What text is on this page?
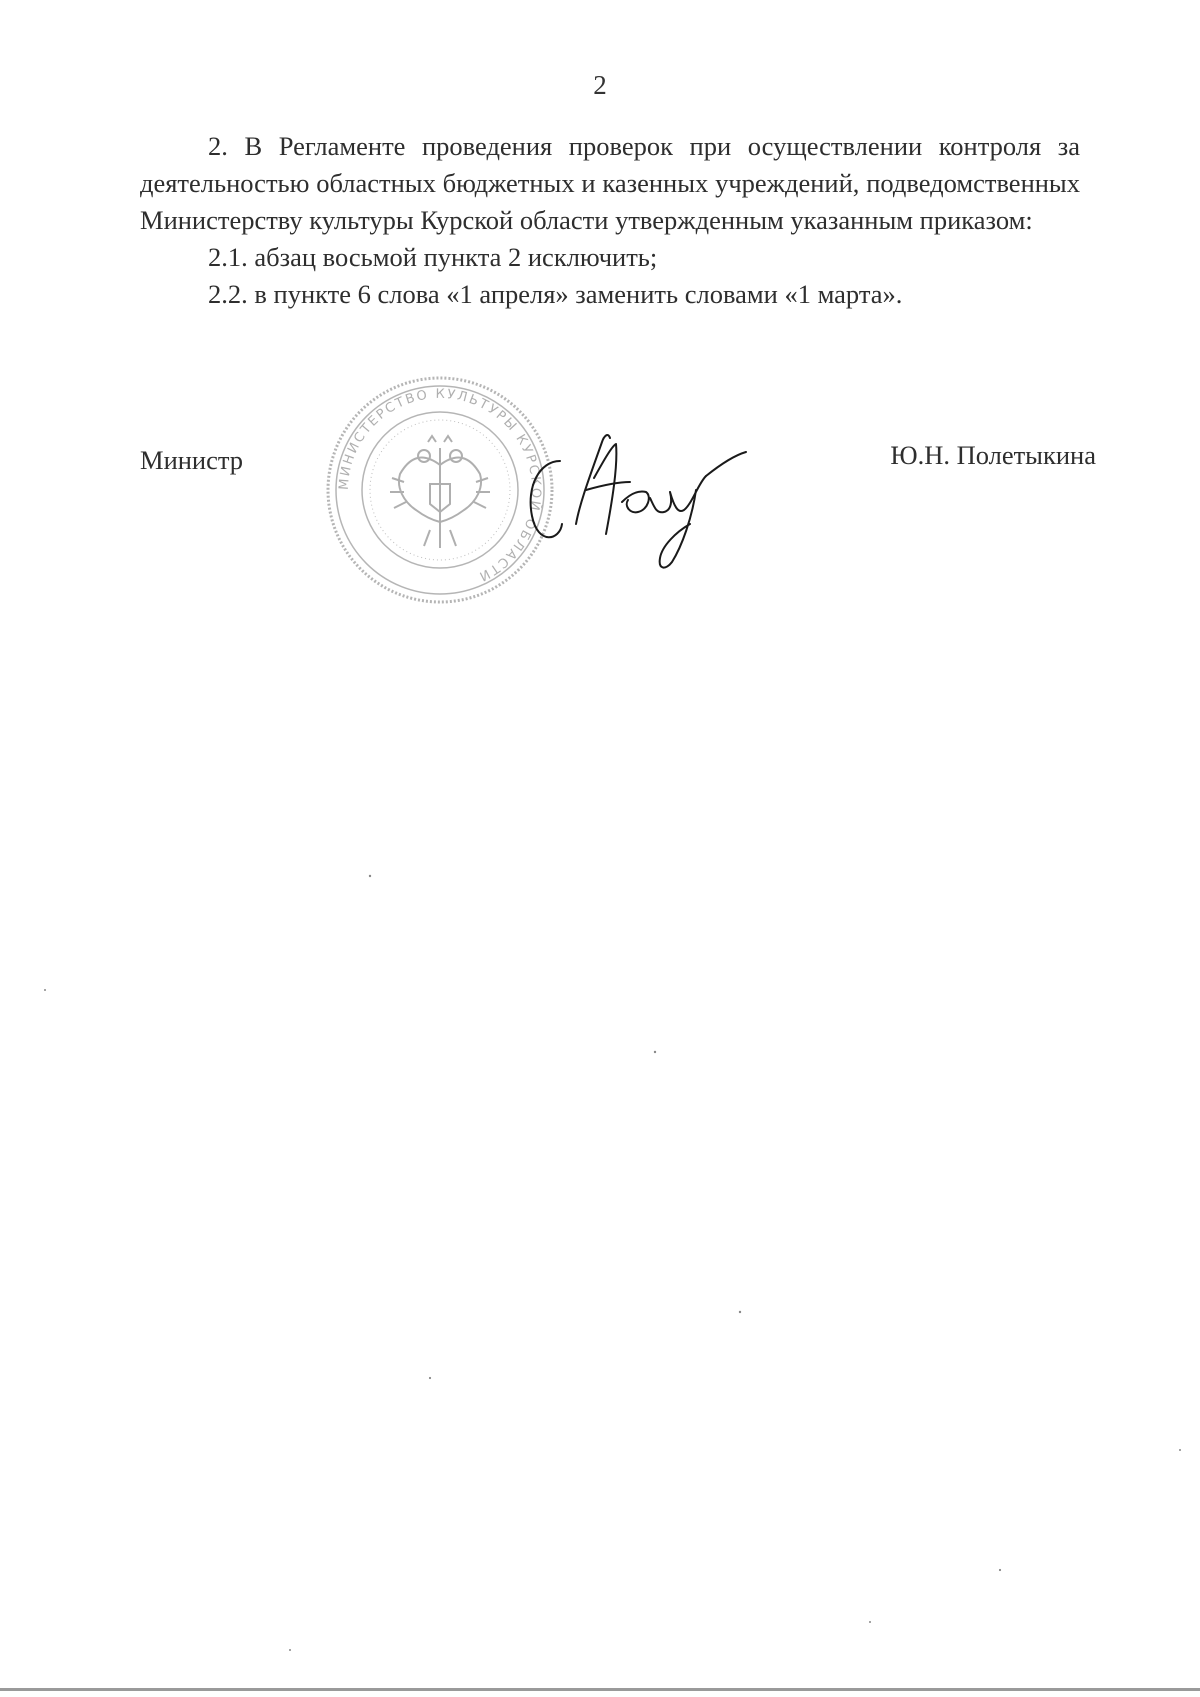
2

2. В Регламенте проведения проверок при осуществлении контроля за деятельностью областных бюджетных и казенных учреждений, подведомственных Министерству культуры Курской области утвержденным указанным приказом:

2.1. абзац восьмой пункта 2 исключить;

2.2. в пункте 6 слова «1 апреля» заменить словами «1 марта».

Министр
МИНИСТЕРСТВО КУЛЬТУРЫ КУРСКОЙ ОБЛАСТИ
Ю.Н. Полетыкина
